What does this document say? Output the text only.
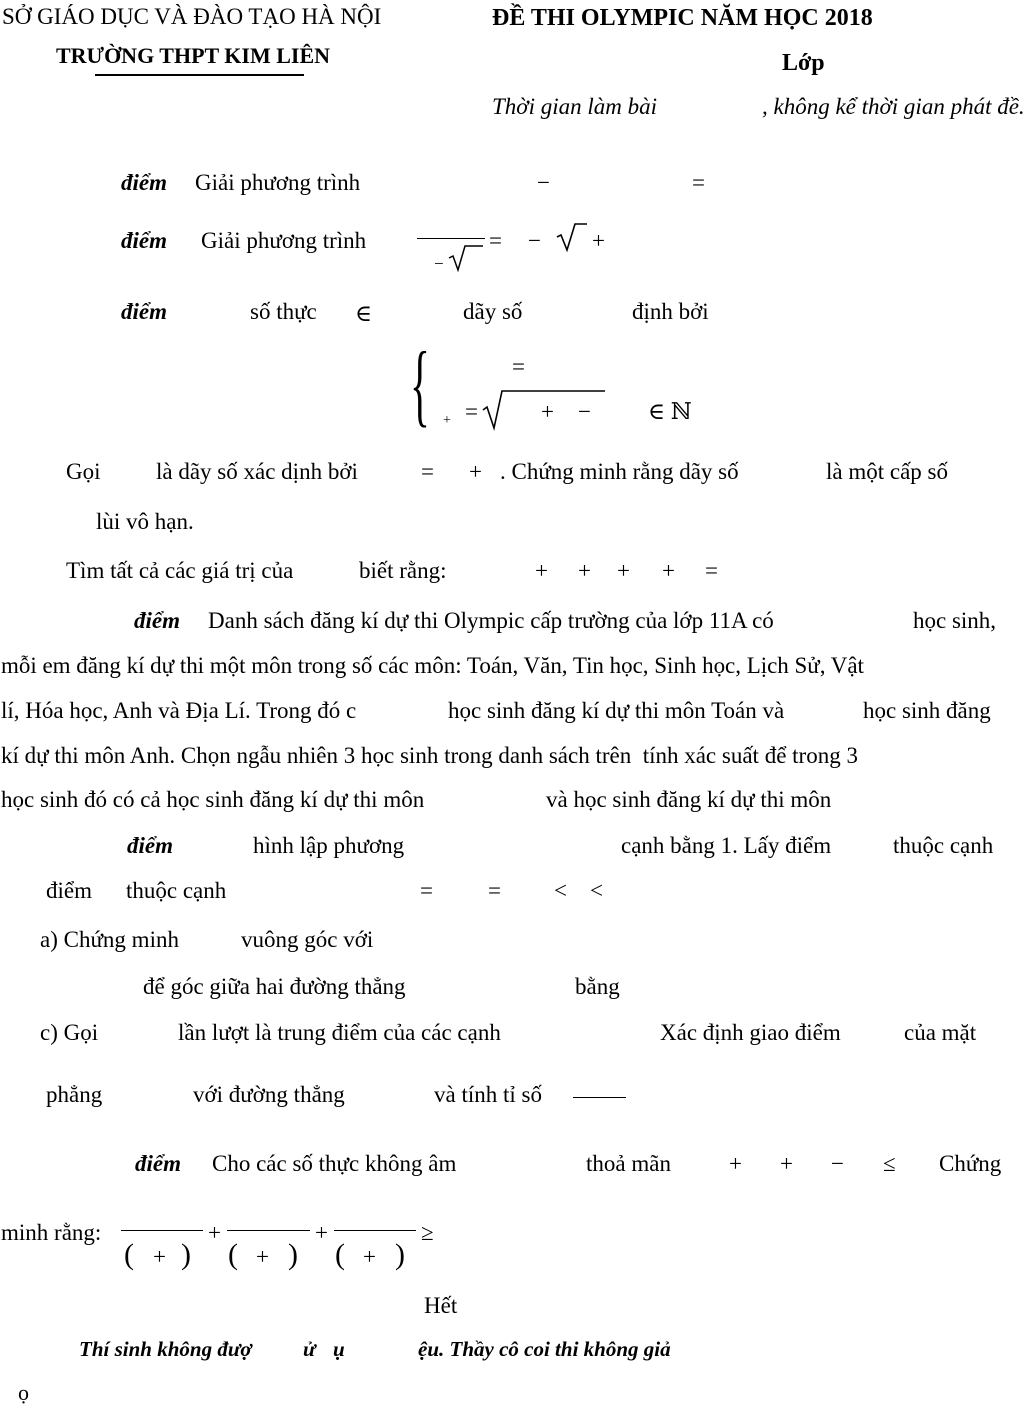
SỞ GIÁO DỤC VÀ ĐÀO TẠO HÀ NỘI
TRƯỜNG THPT KIM LIÊN
ĐỀ THI OLYMPIC NĂM HỌC 2018
Lớp
Thời gian làm bài	, không kể thời gian phát đề.
điểm Giải phương trình	−	=
điểm Giải phương trình	= − +
−
điểm	số thực ∈	dãy số	định bởi
{	=
+ =	+ − ∈ ℕ
Gọi là dãy số xác dịnh bởi	= + . Chứng minh rằng dãy số	là một cấp số
lùi vô hạn.
Tìm tất cả các giá trị của	biết rằng:	+ + + + =
điểm Danh sách đăng kí dự thi Olympic cấp trường của lớp 11A có	học sinh,
mỗi em đăng kí dự thi một môn trong số các môn: Toán, Văn, Tin học, Sinh học, Lịch Sử, Vật
lí, Hóa học, Anh và Địa Lí. Trong đó c	học sinh đăng kí dự thi môn Toán và	học sinh đăng
kí dự thi môn Anh. Chọn ngẫu nhiên 3 học sinh trong danh sách trên  tính xác suất để trong 3
học sinh đó có cả học sinh đăng kí dự thi môn	và học sinh đăng kí dự thi môn
điểm	hình lập phương	cạnh bằng 1. Lấy điểm	thuộc cạnh
điểm thuộc cạnh	= = < <
a) Chứng minh	vuông góc với
để góc giữa hai đường thẳng	bằng
c) Gọi	lần lượt là trung điểm của các cạnh	Xác định giao điểm	của mặt
phẳng	với đường thẳng	và tính tỉ số
điểm Cho các số thực không âm	thoả mãn	+ + − ≤ Chứng
minh rằng:
( + )
+
( + )
+
( + )
≥
Hết
Thí sinh không đượ ử ụ	ệu. Thầy cô coi thi không giả
ọ
